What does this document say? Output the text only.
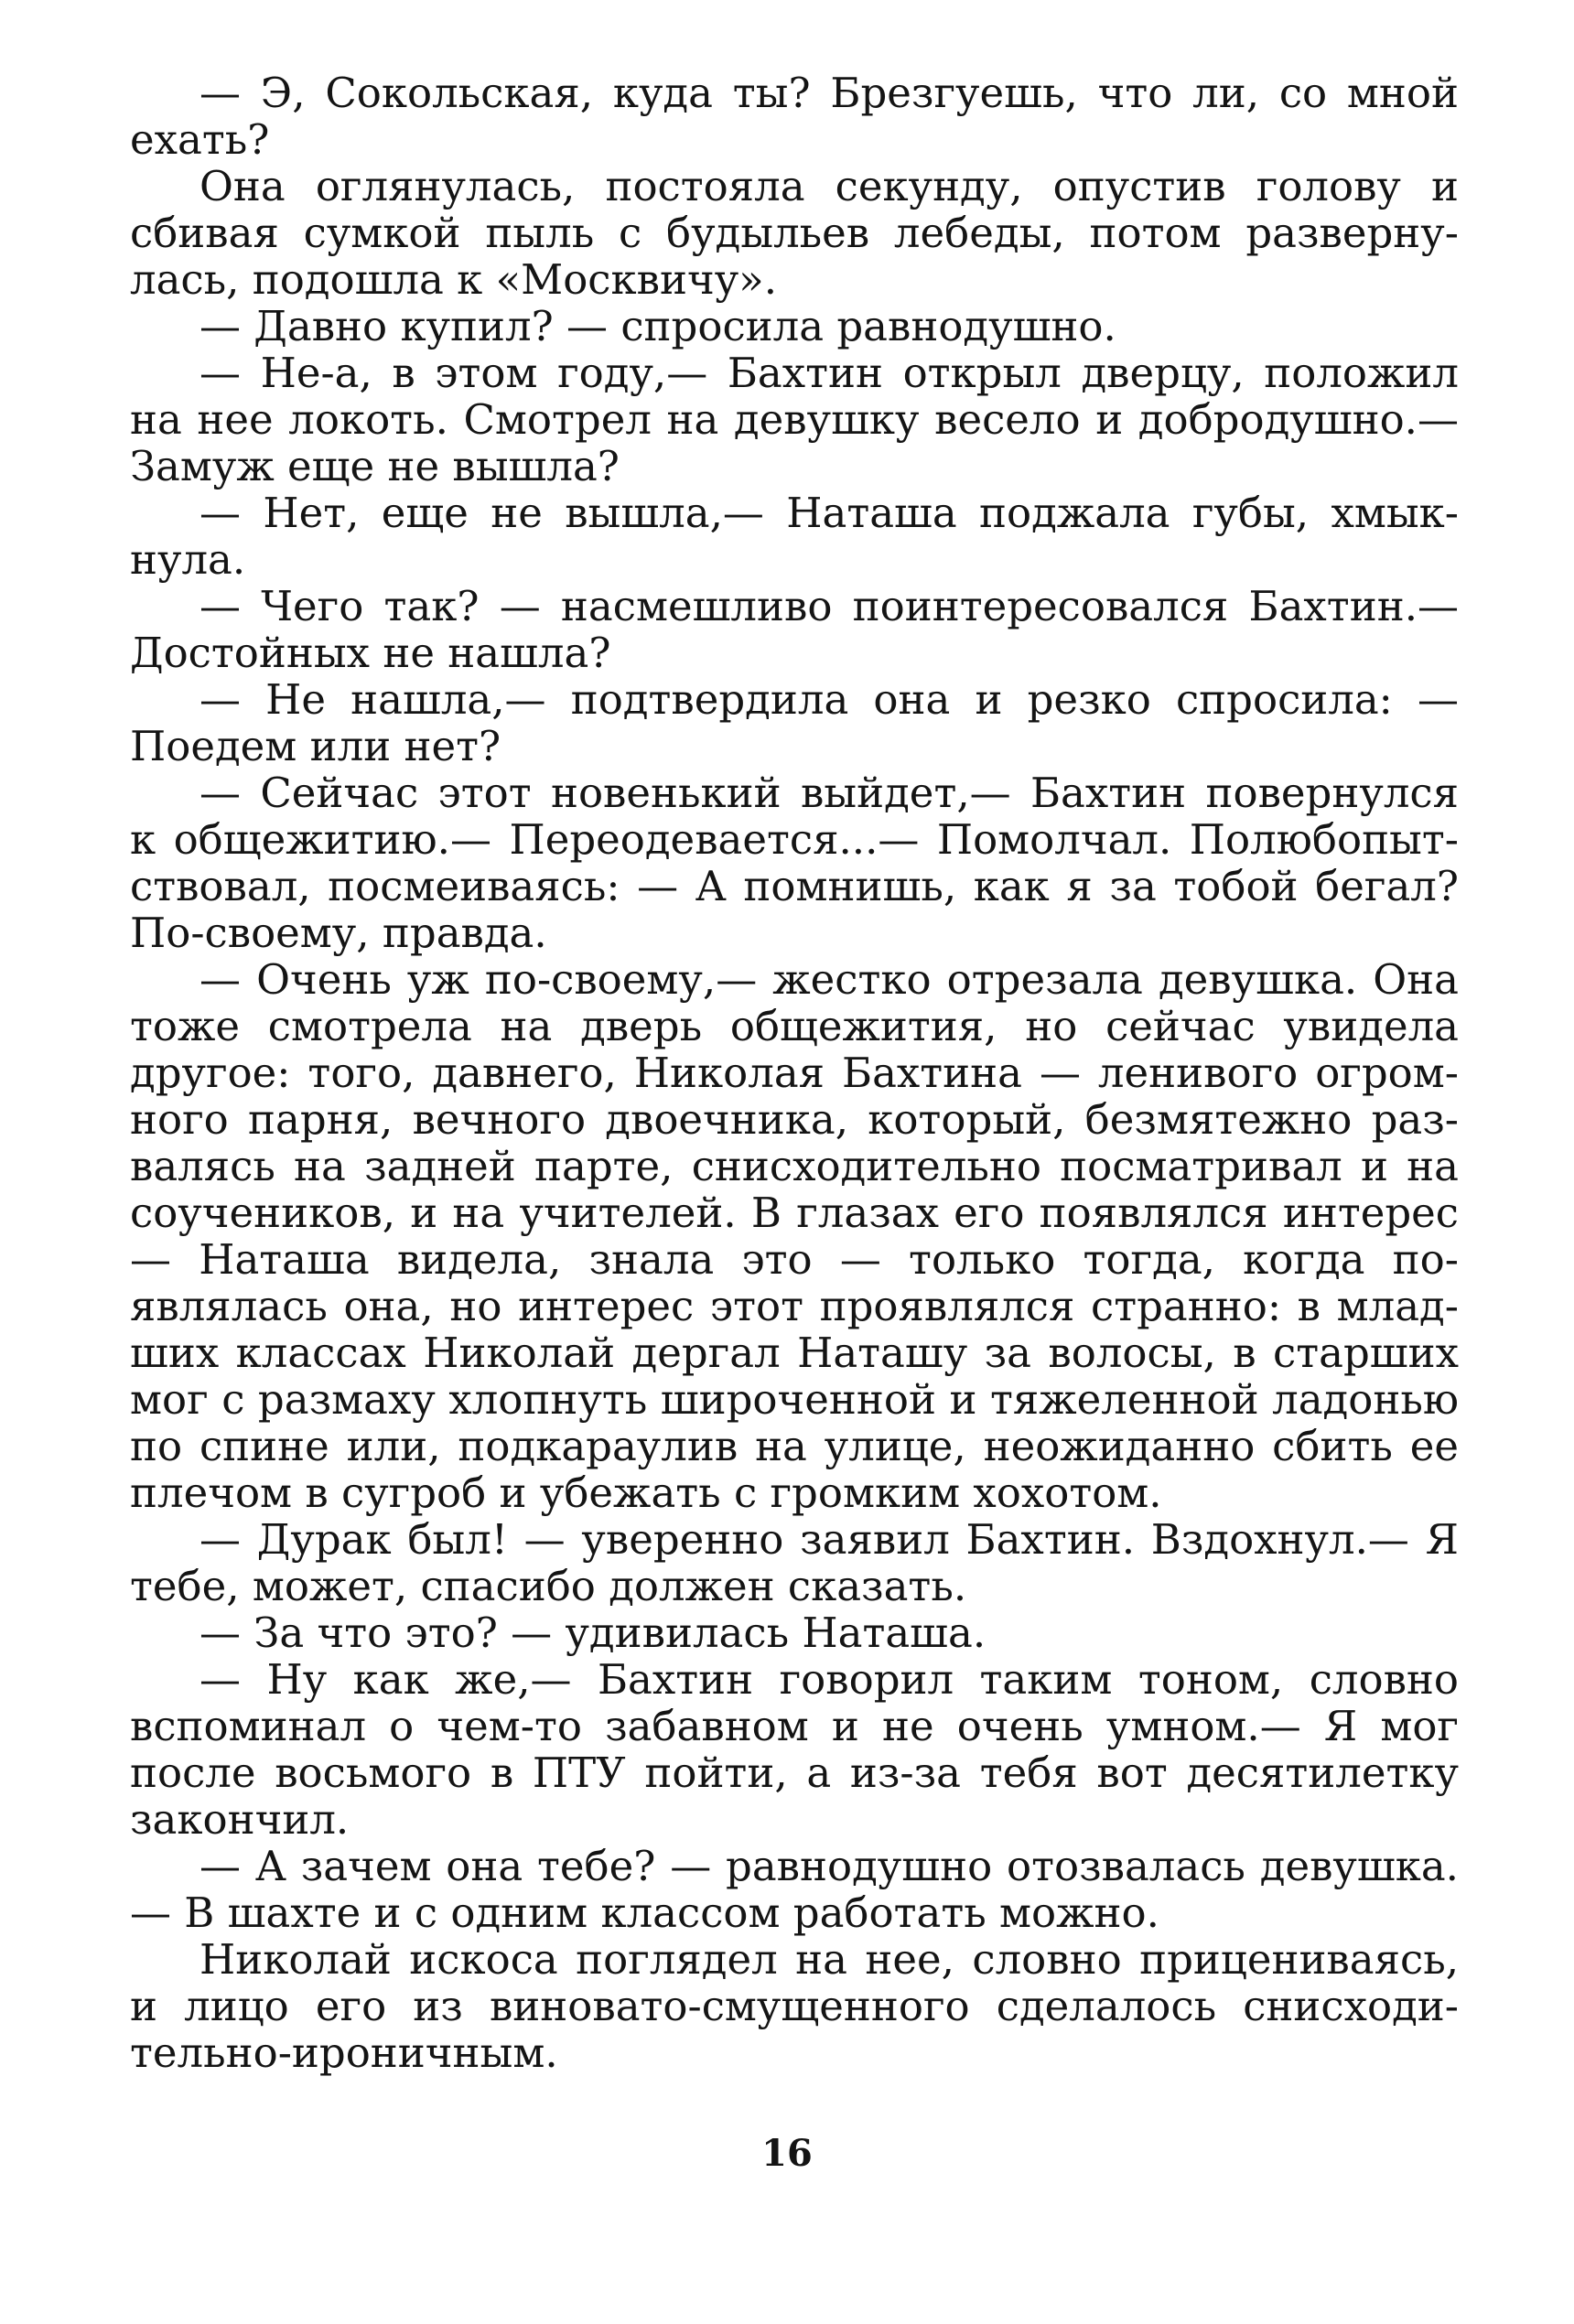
— Э, Сокольская, куда ты? Брезгуешь, что ли, со мной ехать?

Она оглянулась, постояла секунду, опустив голову и сбивая сумкой пыль с будыльев лебеды, потом развернулась, подошла к «Москвичу».

— Давно купил? — спросила равнодушно.

— Не-а, в этом году,— Бахтин открыл дверцу, положил на нее локоть. Смотрел на девушку весело и добродушно.— Замуж еще не вышла?

— Нет, еще не вышла,— Наташа поджала губы, хмыкнула.

— Чего так? — насмешливо поинтересовался Бахтин.— Достойных не нашла?

— Не нашла,— подтвердила она и резко спросила: — Поедем или нет?

— Сейчас этот новенький выйдет,— Бахтин повернулся к общежитию.— Переодевается...— Помолчал. Полюбопытствовал, посмеиваясь: — А помнишь, как я за тобой бегал? По-своему, правда.

— Очень уж по-своему,— жестко отрезала девушка. Она тоже смотрела на дверь общежития, но сейчас увидела другое: того, давнего, Николая Бахтина — ленивого огромного парня, вечного двоечника, который, безмятежно развалясь на задней парте, снисходительно посматривал и на соучеников, и на учителей. В глазах его появлялся интерес — Наташа видела, знала это — только тогда, когда появлялась она, но интерес этот проявлялся странно: в младших классах Николай дергал Наташу за волосы, в старших мог с размаху хлопнуть широченной и тяжеленной ладонью по спине или, подкараулив на улице, неожиданно сбить ее плечом в сугроб и убежать с громким хохотом.

— Дурак был! — уверенно заявил Бахтин. Вздохнул.— Я тебе, может, спасибо должен сказать.

— За что это? — удивилась Наташа.

— Ну как же,— Бахтин говорил таким тоном, словно вспоминал о чем-то забавном и не очень умном.— Я мог после восьмого в ПТУ пойти, а из-за тебя вот десятилетку закончил.

— А зачем она тебе? — равнодушно отозвалась девушка.— В шахте и с одним классом работать можно.

Николай искоса поглядел на нее, словно прицениваясь, и лицо его из виновато-смущенного сделалось снисходительно-ироничным.

16
